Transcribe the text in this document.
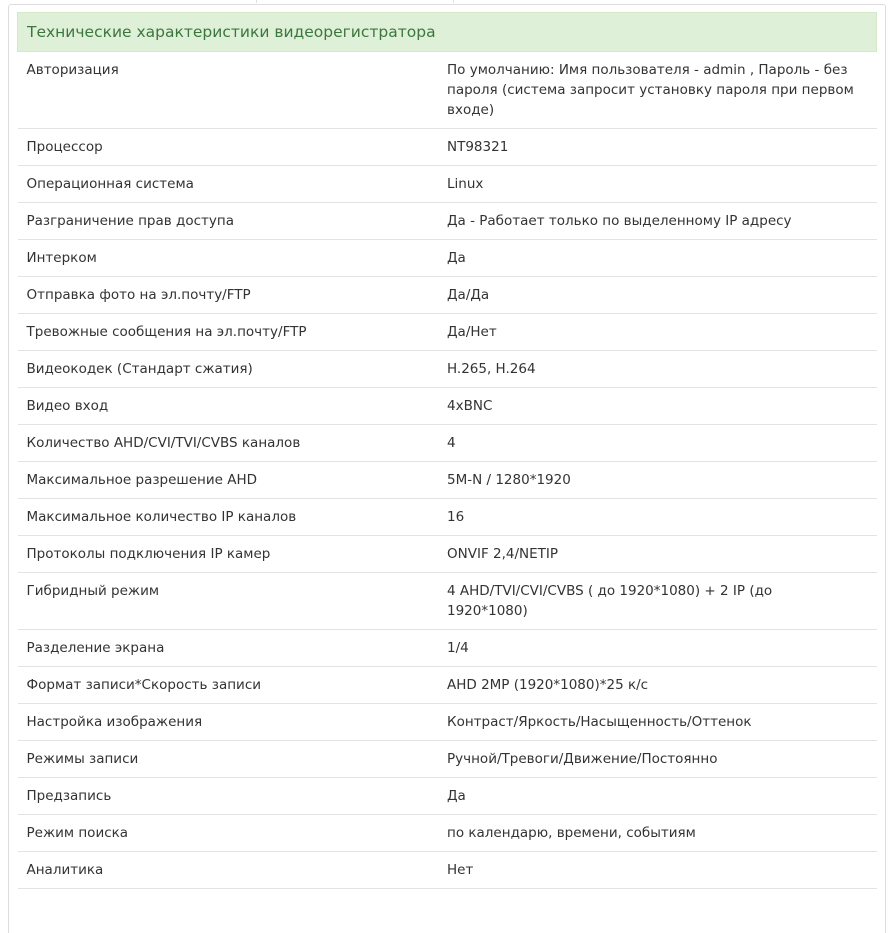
Технические характеристики видеорегистратора	
Авторизация	По умолчанию: Имя пользователя - admin , Пароль - без пароля (система запросит установку пароля при первом входе)
Процессор	NT98321
Операционная система	Linux
Разграничение прав доступа	Да - Работает только по выделенному IP адресу
Интерком	Да
Отправка фото на эл.почту/FTP	Да/Да
Тревожные сообщения на эл.почту/FTP	Да/Нет
Видеокодек (Стандарт сжатия)	H.265, H.264
Видео вход	4xBNC
Количество AHD/CVI/TVI/CVBS каналов	4
Максимальное разрешение AHD	5M-N / 1280*1920
Максимальное количество IP каналов	16
Протоколы подключения IP камер	ONVIF 2,4/NETIP
Гибридный режим	4 AHD/TVI/CVI/CVBS ( до 1920*1080) + 2 IP (до 1920*1080)
Разделение экрана	1/4
Формат записи*Скорость записи	AHD 2MP (1920*1080)*25 к/с
Настройка изображения	Контраст/Яркость/Насыщенность/Оттенок
Режимы записи	Ручной/Тревоги/Движение/Постоянно
Предзапись	Да
Режим поиска	по календарю, времени, событиям
Аналитика	Нет
